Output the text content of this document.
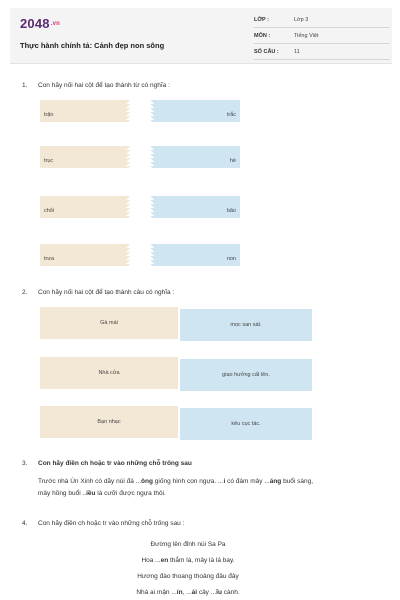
$2048^{.vn}$
Thực hành chính tả: Cảnh đẹp non sông
LỚP :	Lớp 3
MÔN :	Tiếng Việt
SỐ CÂU :	11
1. Con hãy nối hai cột để tạo thành từ có nghĩa :
trận	trắc
trục	hè
chổi	bão
trưa	non
2. Con hãy nối hai cột để tạo thành câu có nghĩa :
Gà mái	mọc san sát.
Nhà cửa	giao hưởng cất lên.
Bạn nhạc	kêu cục tác.
3. Con hãy điền ch hoặc tr vào những chỗ trống sau
Trước nhà Ún Xinh có dãy núi đá ...ông giống hình con ngựa. ...i có đám mây ...áng buổi sáng,
mây hồng buổi ..iều là cưỡi được ngựa thôi.
4. Con hãy điền ch hoặc tr vào những chỗ trống sau :
Đường lên đỉnh núi Sa Pa
Hoa ...en thắm lá, mây là lá bay.
Hương đào thoang thoảng đâu đây
Nhà ai mận ...ín, ...ái cây ...ĩu cành.
